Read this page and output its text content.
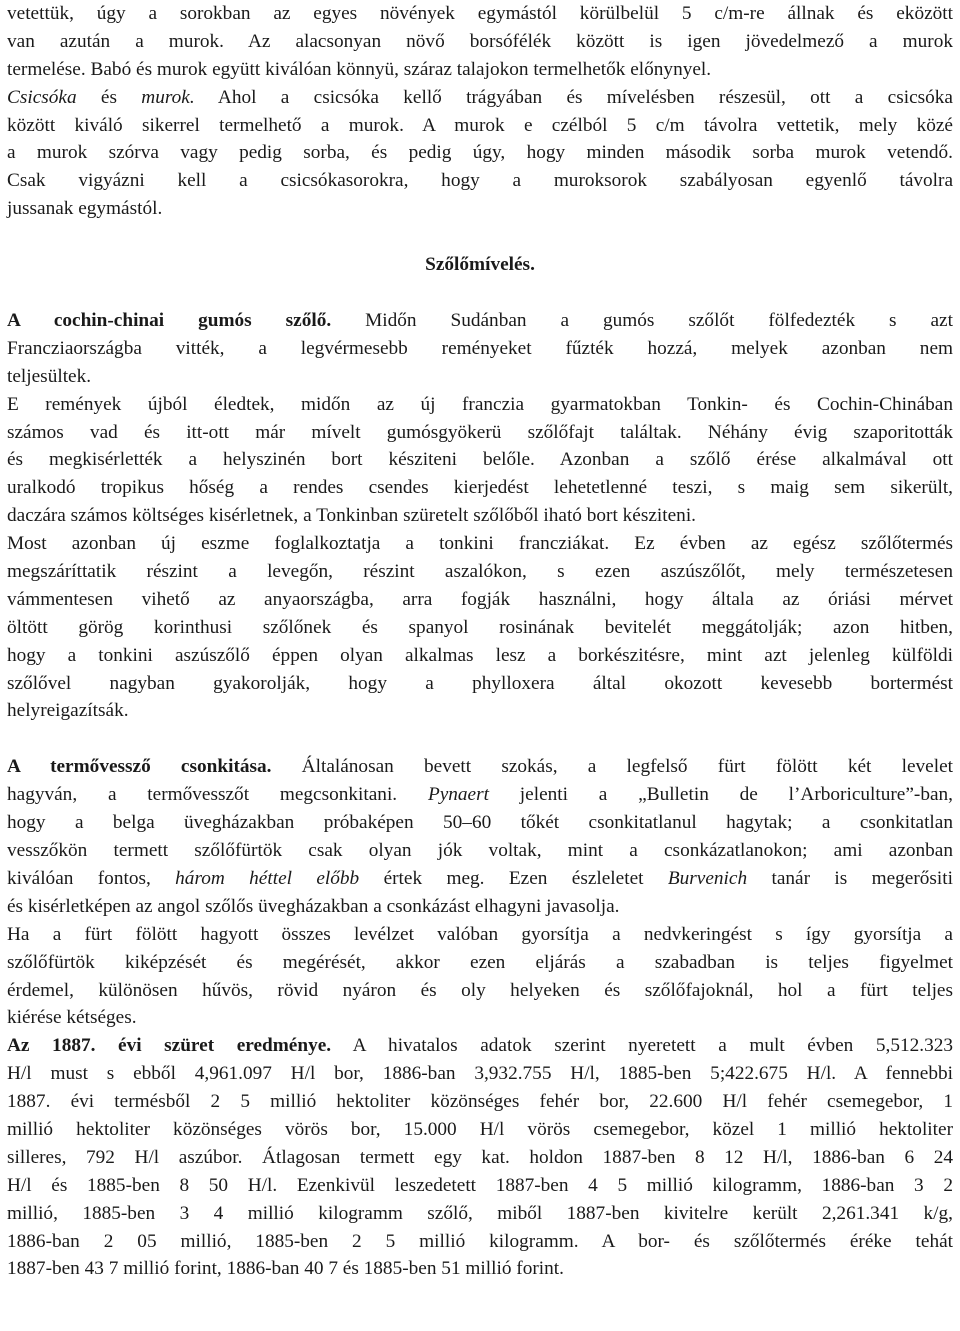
vetettük, úgy a sorokban az egyes növények egymástól körülbelül 5 c/m-re állnak és eközött
van azután a murok. Az alacsonyan növő borsófélék között is igen jövedelmező a murok
termelése. Babó és murok együtt kiválóan könnyü, száraz talajokon termelhetők előnynyel.
Csicsóka és murok. Ahol a csicsóka kellő trágyában és mívelésben részesül, ott a csicsóka
között kiváló sikerrel termelhető a murok. A murok e czélból 5 c/m távolra vettetik, mely közé
a murok szórva vagy pedig sorba, és pedig úgy, hogy minden második sorba murok vetendő.
Csak vigyázni kell a csicsókasorokra, hogy a muroksorok szabályosan egyenlő távolra
jussanak egymástól.
Szőlőmívelés.
A cochin-chinai gumós szőlő. Midőn Sudánban a gumós szőlőt fölfedezték s azt
Francziaországba vitték, a legvérmesebb reményeket fűzték hozzá, melyek azonban nem
teljesültek.
E remények újból éledtek, midőn az új franczia gyarmatokban Tonkin- és Cochin-Chinában
számos vad és itt-ott már mívelt gumósgyökerü szőlőfajt találtak. Néhány évig szaporitották
és megkisérlették a helyszinén bort késziteni belőle. Azonban a szőlő érése alkalmával ott
uralkodó tropikus hőség a rendes csendes kierjedést lehetetlenné teszi, s maig sem sikerült,
daczára számos költséges kisérletnek, a Tonkinban szüretelt szőlőből iható bort késziteni.
Most azonban új eszme foglalkoztatja a tonkini francziákat. Ez évben az egész szőlőtermés
megszáríttatik részint a levegőn, részint aszalókon, s ezen aszúszőlőt, mely természetesen
vámmentesen vihető az anyaországba, arra fogják használni, hogy általa az óriási mérvet
öltött görög korinthusi szőlőnek és spanyol rosinának bevitelét meggátolják; azon hitben,
hogy a tonkini aszúszőlő éppen olyan alkalmas lesz a borkészitésre, mint azt jelenleg külföldi
szőlővel nagyban gyakorolják, hogy a phylloxera által okozott kevesebb bortermést
helyreigazítsák.
A termővessző csonkitása. Általánosan bevett szokás, a legfelső fürt fölött két levelet
hagyván, a termővesszőt megcsonkitani. Pynaert jelenti a „Bulletin de l’Arboriculture”-ban,
hogy a belga üvegházakban próbaképen 50–60 tőkét csonkitatlanul hagytak; a csonkitatlan
vesszőkön termett szőlőfürtök csak olyan jók voltak, mint a csonkázatlanokon; ami azonban
kiválóan fontos, három héttel előbb értek meg. Ezen észleletet Burvenich tanár is megerősiti
és kisérletképen az angol szőlős üvegházakban a csonkázást elhagyni javasolja.
Ha a fürt fölött hagyott összes levélzet valóban gyorsítja a nedvkeringést s így gyorsítja a
szőlőfürtök kiképzését és megérését, akkor ezen eljárás a szabadban is teljes figyelmet
érdemel, különösen hűvös, rövid nyáron és oly helyeken és szőlőfajoknál, hol a fürt teljes
kiérése kétséges.
Az 1887. évi szüret eredménye. A hivatalos adatok szerint nyeretett a mult évben 5,512.323
H/l must s ebből 4,961.097 H/l bor, 1886-ban 3,932.755 H/l, 1885-ben 5;422.675 H/l. A fennebbi
1887. évi termésből 2 5 millió hektoliter közönséges fehér bor, 22.600 H/l fehér csemegebor, 1
millió hektoliter közönséges vörös bor, 15.000 H/l vörös csemegebor, közel 1 millió hektoliter
silleres, 792 H/l aszúbor. Átlagosan termett egy kat. holdon 1887-ben 8 12 H/l, 1886-ban 6 24
H/l és 1885-ben 8 50 H/l. Ezenkivül leszedetett 1887-ben 4 5 millió kilogramm, 1886-ban 3 2
millió, 1885-ben 3 4 millió kilogramm szőlő, miből 1887-ben kivitelre került 2,261.341 k/g,
1886-ban 2 05 millió, 1885-ben 2 5 millió kilogramm. A bor- és szőlőtermés éréke tehát
1887-ben 43 7 millió forint, 1886-ban 40 7 és 1885-ben 51 millió forint.
